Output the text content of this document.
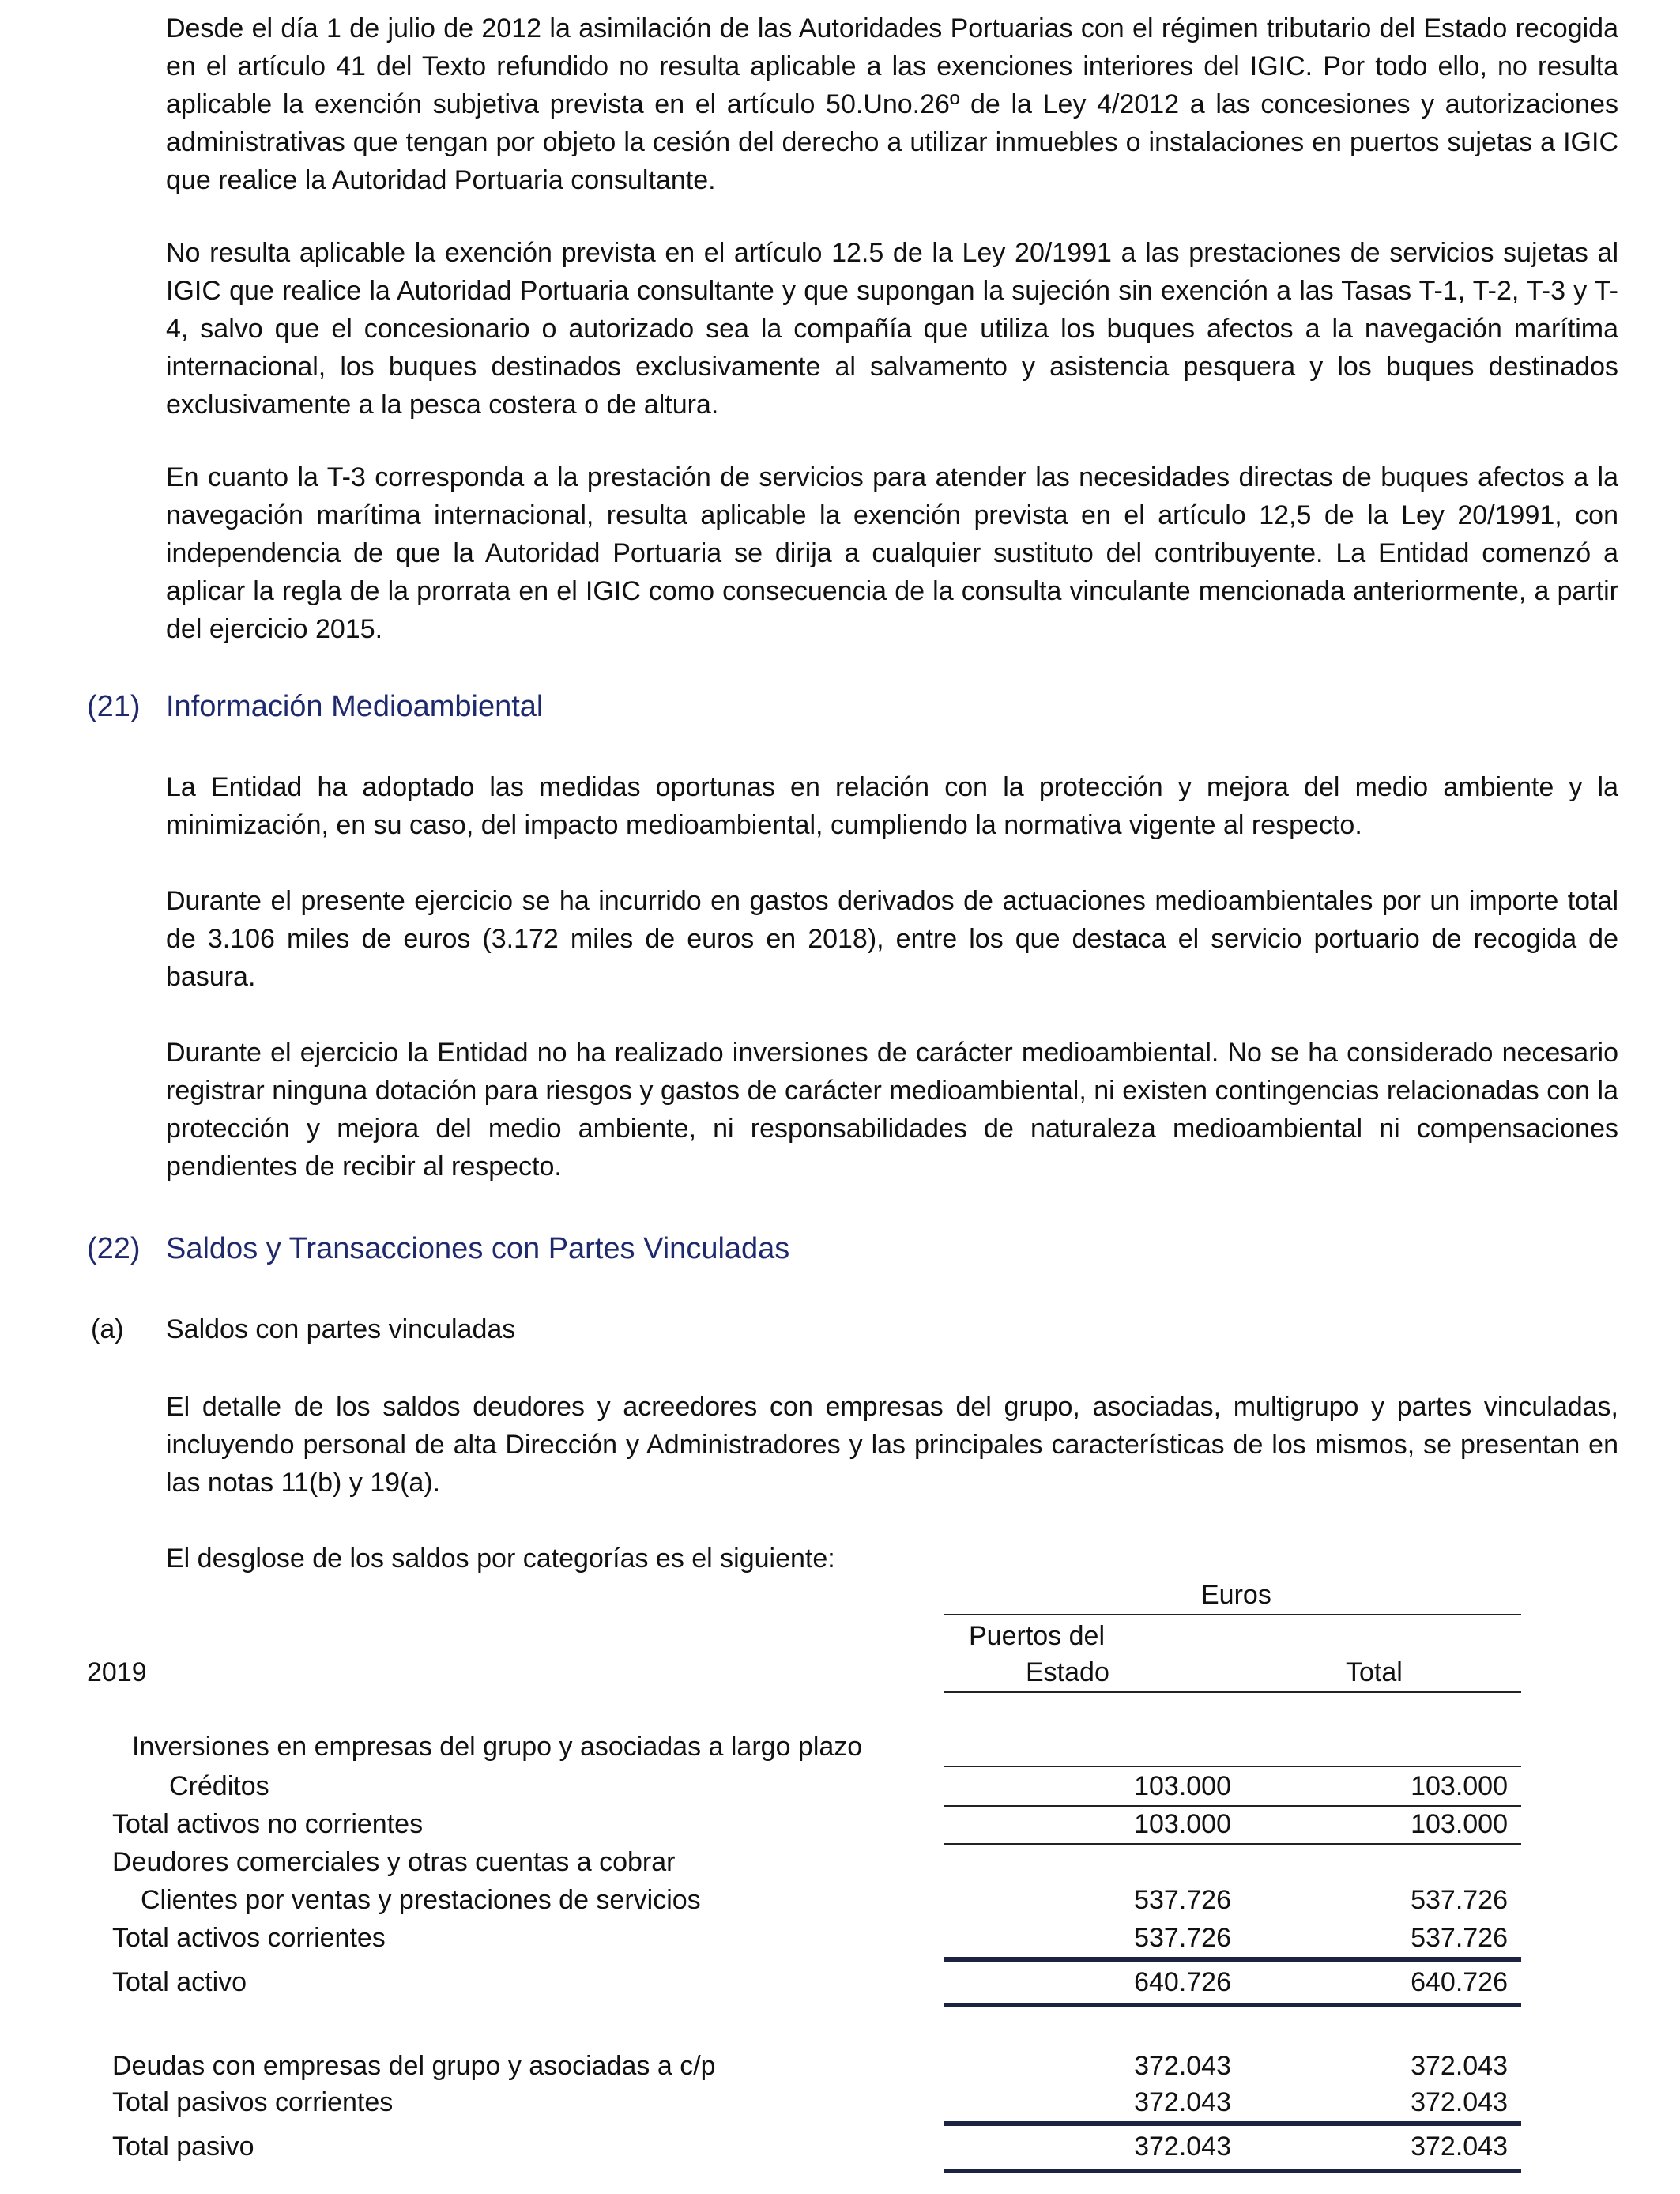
Desde el día 1 de julio de 2012 la asimilación de las Autoridades Portuarias con el régimen tributario del Estado recogida en el artículo 41 del Texto refundido no resulta aplicable a las exenciones interiores del IGIC. Por todo ello, no resulta aplicable la exención subjetiva prevista en el artículo 50.Uno.26º de la Ley 4/2012 a las concesiones y autorizaciones administrativas que tengan por objeto la cesión del derecho a utilizar inmuebles o instalaciones en puertos sujetas a IGIC que realice la Autoridad Portuaria consultante.

No resulta aplicable la exención prevista en el artículo 12.5 de la Ley 20/1991 a las prestaciones de servicios sujetas al IGIC que realice la Autoridad Portuaria consultante y que supongan la sujeción sin exención a las Tasas T-1, T-2, T-3 y T-4, salvo que el concesionario o autorizado sea la compañía que utiliza los buques afectos a la navegación marítima internacional, los buques destinados exclusivamente al salvamento y asistencia pesquera y los buques destinados exclusivamente a la pesca costera o de altura.

En cuanto la T-3 corresponda a la prestación de servicios para atender las necesidades directas de buques afectos a la navegación marítima internacional, resulta aplicable la exención prevista en el artículo 12,5 de la Ley 20/1991, con independencia de que la Autoridad Portuaria se dirija a cualquier sustituto del contribuyente. La Entidad comenzó a aplicar la regla de la prorrata en el IGIC como consecuencia de la consulta vinculante mencionada anteriormente, a partir del ejercicio 2015.

(21) Información Medioambiental

La Entidad ha adoptado las medidas oportunas en relación con la protección y mejora del medio ambiente y la minimización, en su caso, del impacto medioambiental, cumpliendo la normativa vigente al respecto.

Durante el presente ejercicio se ha incurrido en gastos derivados de actuaciones medioambientales por un importe total de 3.106 miles de euros (3.172 miles de euros en 2018), entre los que destaca el servicio portuario de recogida de basura.

Durante el ejercicio la Entidad no ha realizado inversiones de carácter medioambiental. No se ha considerado necesario registrar ninguna dotación para riesgos y gastos de carácter medioambiental, ni existen contingencias relacionadas con la protección y mejora del medio ambiente, ni responsabilidades de naturaleza medioambiental ni compensaciones pendientes de recibir al respecto.

(22) Saldos y Transacciones con Partes Vinculadas
(a) Saldos con partes vinculadas

El detalle de los saldos deudores y acreedores con empresas del grupo, asociadas, multigrupo y partes vinculadas, incluyendo personal de alta Dirección y Administradores y las principales características de los mismos, se presentan en las notas 11(b) y 19(a).

El desglose de los saldos por categorías es el siguiente:

Euros
Puertos del
2019	Estado	Total
Inversiones en empresas del grupo y asociadas a largo plazo
Créditos	103.000	103.000
Total activos no corrientes	103.000	103.000
Deudores comerciales y otras cuentas a cobrar
Clientes por ventas y prestaciones de servicios	537.726	537.726
Total activos corrientes	537.726	537.726
Total activo	640.726	640.726
Deudas con empresas del grupo y asociadas a c/p	372.043	372.043
Total pasivos corrientes	372.043	372.043
Total pasivo	372.043	372.043
